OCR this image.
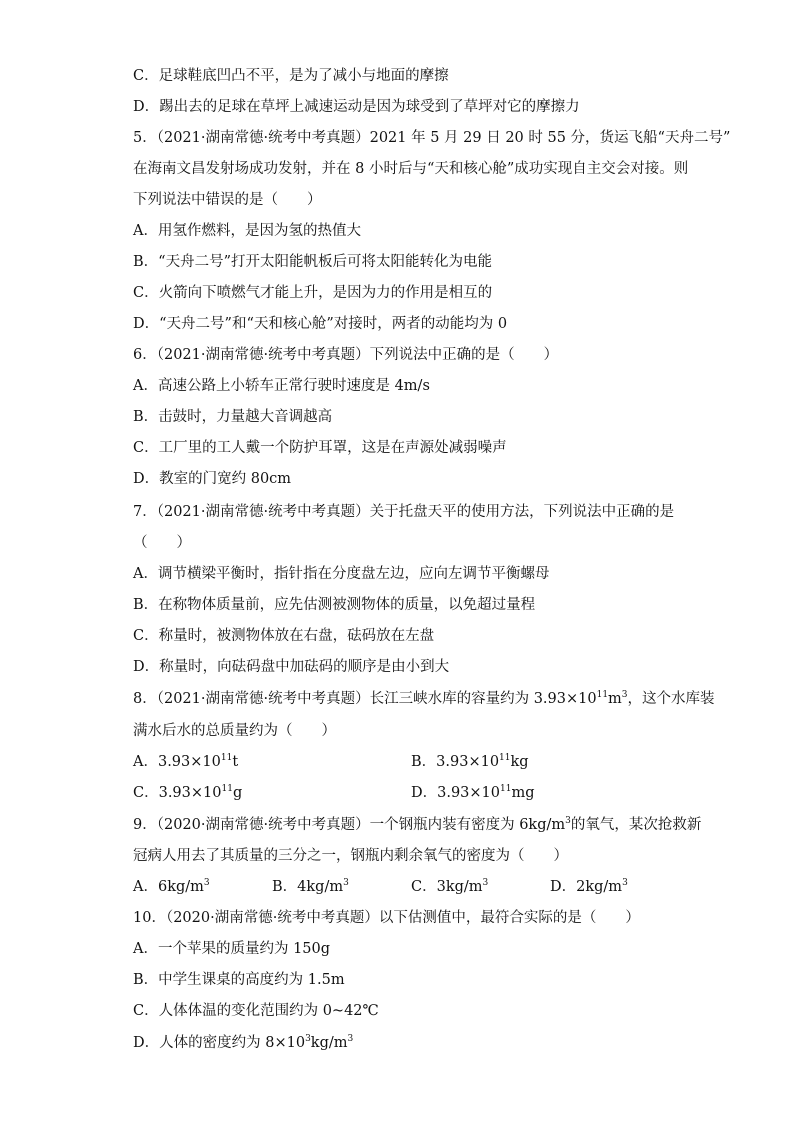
C．足球鞋底凹凸不平，是为了减小与地面的摩擦
D．踢出去的足球在草坪上减速运动是因为球受到了草坪对它的摩擦力
5．（2021·湖南常德·统考中考真题）2021 年 5 月 29 日 20 时 55 分，货运飞船“天舟二号”
在海南文昌发射场成功发射，并在 8 小时后与“天和核心舱”成功实现自主交会对接。则
下列说法中错误的是（　　）
A．用氢作燃料，是因为氢的热值大
B．“天舟二号”打开太阳能帆板后可将太阳能转化为电能
C．火箭向下喷燃气才能上升，是因为力的作用是相互的
D．“天舟二号”和“天和核心舱”对接时，两者的动能均为 0
6．（2021·湖南常德·统考中考真题）下列说法中正确的是（　　）
A．高速公路上小轿车正常行驶时速度是 4m/s
B．击鼓时，力量越大音调越高
C．工厂里的工人戴一个防护耳罩，这是在声源处减弱噪声
D．教室的门宽约 80cm
7．（2021·湖南常德·统考中考真题）关于托盘天平的使用方法，下列说法中正确的是
（　　）
A．调节横梁平衡时，指针指在分度盘左边，应向左调节平衡螺母
B．在称物体质量前，应先估测被测物体的质量，以免超过量程
C．称量时，被测物体放在右盘，砝码放在左盘
D．称量时，向砝码盘中加砝码的顺序是由小到大
8．（2021·湖南常德·统考中考真题）长江三峡水库的容量约为 $3.93\times 10^{11}m^3$，这个水库装
满水后水的总质量约为（　　）
A．$3.93\times 10^{11}t$	B．$3.93\times 10^{11}kg$
C．$3.93\times 10^{11}g$	D．$3.93\times 10^{11}mg$
9．（2020·湖南常德·统考中考真题）一个钢瓶内装有密度为 $6kg/m^3$的氧气，某次抢救新
冠病人用去了其质量的三分之一，钢瓶内剩余氧气的密度为（　　）
A．$6kg/m^3$	B．$4kg/m^3$	C．$3kg/m^3$	D．$2kg/m^3$
10．（2020·湖南常德·统考中考真题）以下估测值中，最符合实际的是（　　）
A．一个苹果的质量约为 150g
B．中学生课桌的高度约为 1.5m
C．人体体温的变化范围约为 0~42℃
D．人体的密度约为 $8\times 10^3kg/m^3$
